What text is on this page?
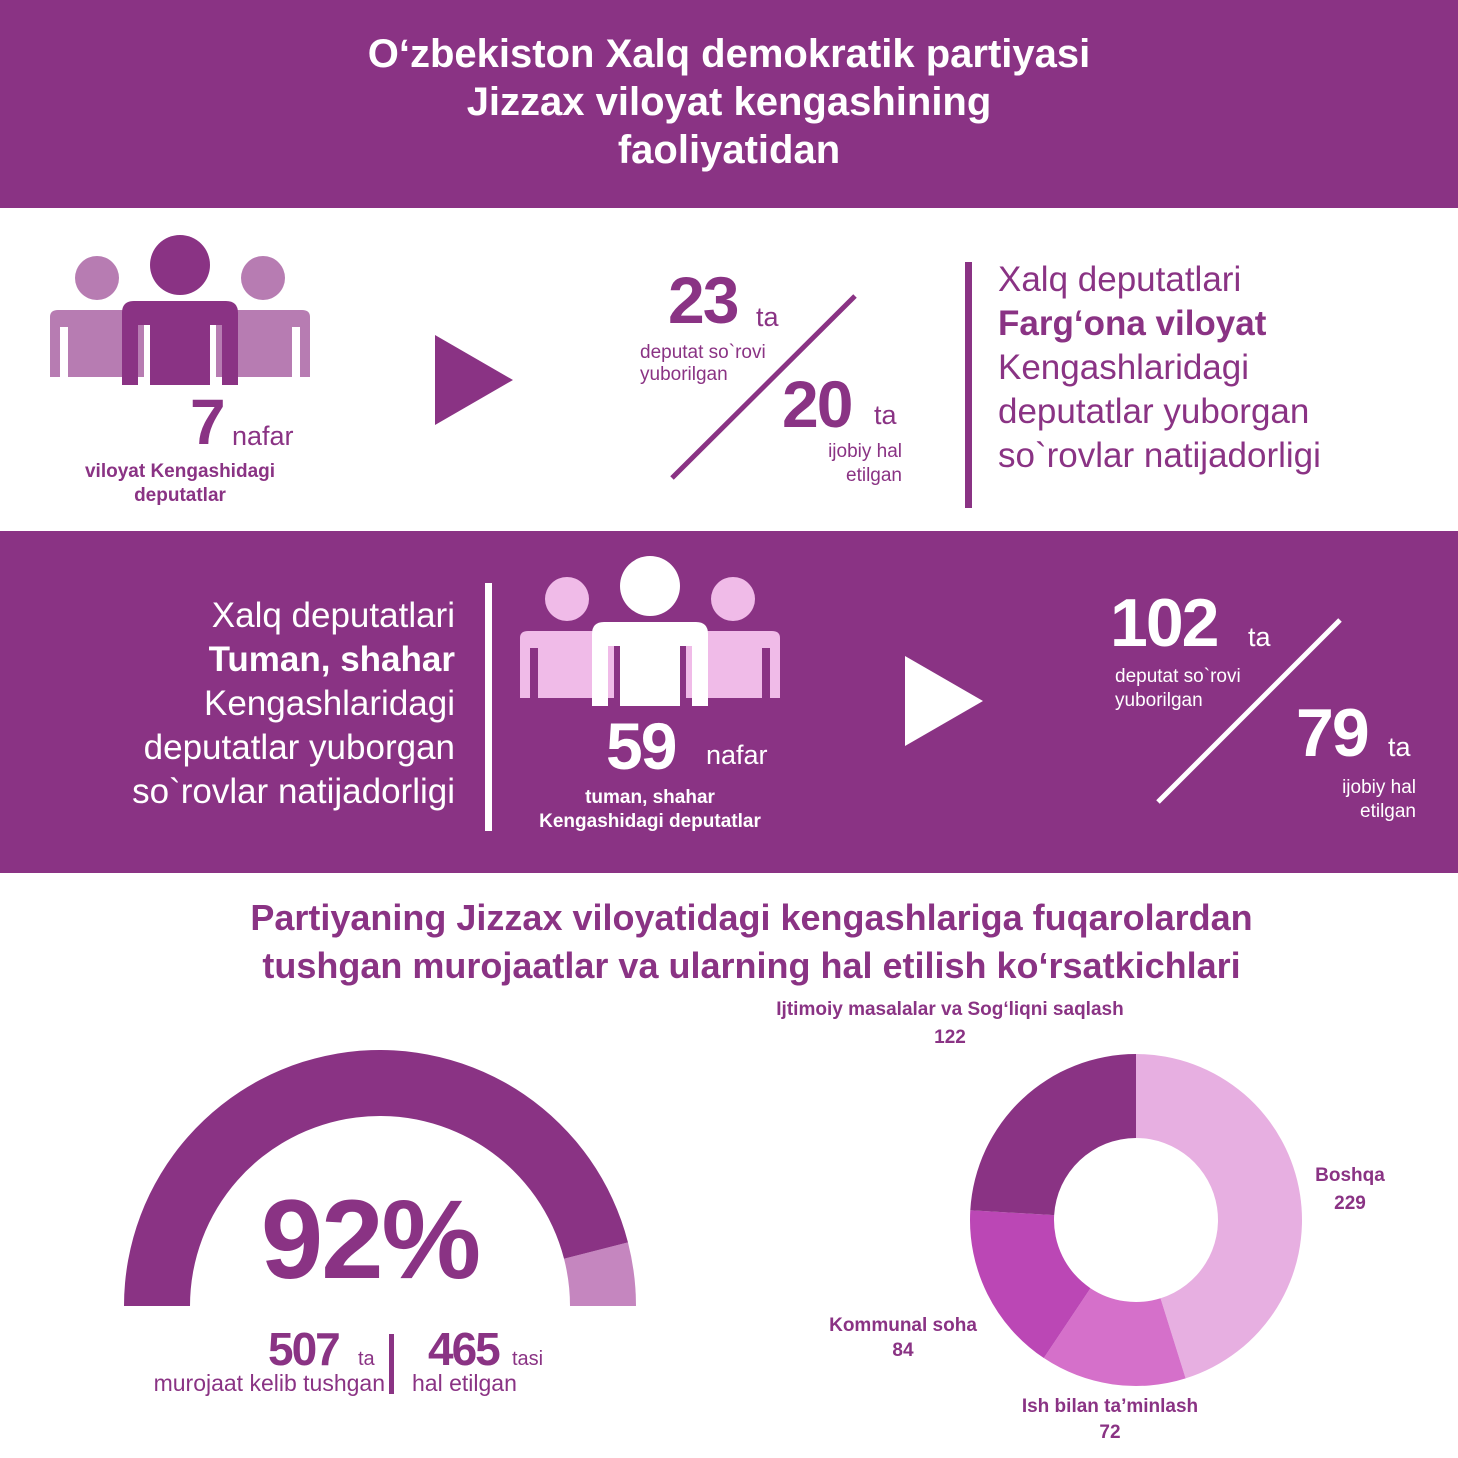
O‘zbekiston Xalq demokratik partiyasi
Jizzax viloyat kengashining
faoliyatidan
7 nafar
viloyat Kengashidagi
deputatlar
23 ta
deputat so`rovi
yuborilgan 20 ta
ijobiy hal
etilgan
Xalq deputatlari
Farg‘ona viloyat
Kengashlaridagi
deputatlar yuborgan
so`rovlar natijadorligi
Xalq deputatlari
Tuman, shahar
Kengashlaridagi
deputatlar yuborgan
so`rovlar natijadorligi
59 nafar
tuman, shahar
Kengashidagi deputatlar
102 ta
deputat so`rovi
yuborilgan	79 ta
ijobiy hal
etilgan
Partiyaning Jizzax viloyatidagi kengashlariga fuqarolardan
tushgan murojaatlar va ularning hal etilish ko‘rsatkichlari
92%
507 ta
murojaat kelib tushgan
465 tasi
hal etilgan
Ijtimoiy masalalar va Sog‘liqni saqlash
122
Boshqa
229
Kommunal soha
84
Ish bilan ta’minlash
72
